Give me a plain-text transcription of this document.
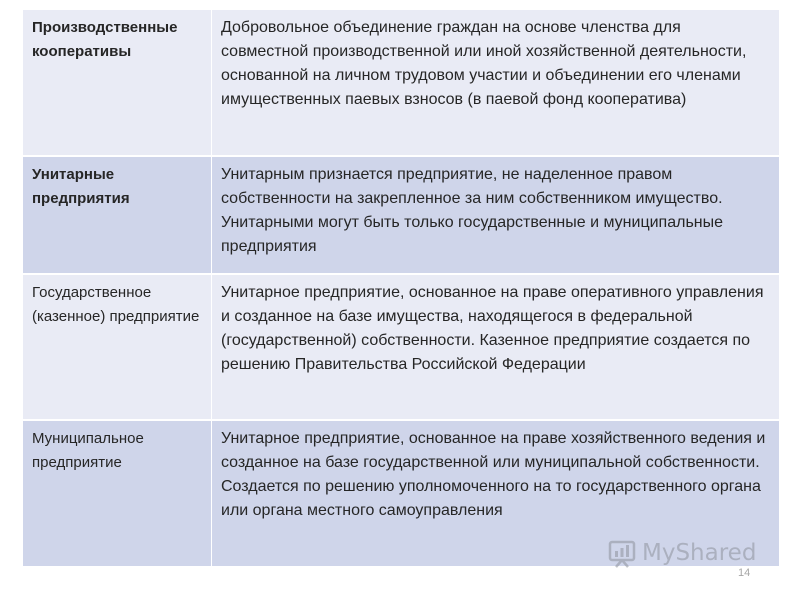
Производственные кооперативы	Добровольное объединение граждан на основе членства для совместной производственной или иной хозяйственной деятельности, основанной на личном трудовом участии и объединении его членами имущественных паевых взносов (в паевой фонд кооператива)
Унитарные предприятия	Унитарным признается предприятие, не наделенное правом собственности на закрепленное за ним собственником имущество. Унитарными могут быть только государственные и муниципальные предприятия
Государственное (казенное) предприятие	Унитарное предприятие, основанное на праве оперативного управления и созданное на базе имущества, находящегося в федеральной (государственной) собственности. Казенное предприятие создается по решению Правительства Российской Федерации
Муниципальное предприятие	Унитарное предприятие, основанное на праве хозяйственного ведения и созданное на базе государственной или муниципальной собственности. Создается по решению уполномоченного на то государственного органа или органа местного самоуправления
MyShared
14
